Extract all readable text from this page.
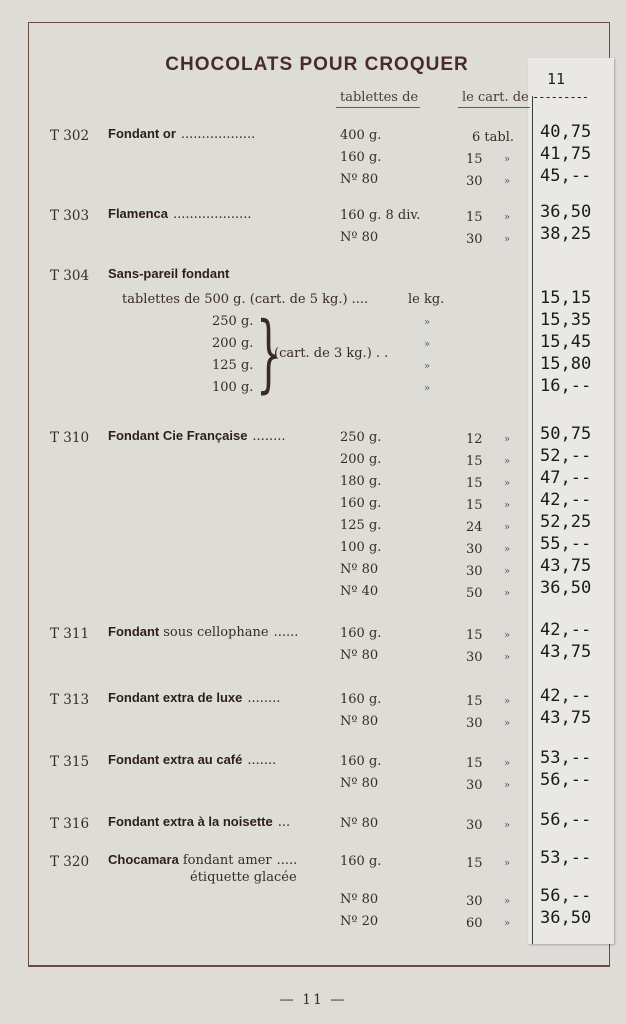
CHOCOLATS POUR CROQUER
11
tablettes de	le cart. de ---------
T 302 Fondant or ..................	400 g.	6 tabl. 40,75
160 g.	15 » 41,75
Nº 80	30 » 45,--
T 303 Flamenca ...................	160 g. 8 div.	15 » 36,50
Nº 80	30 » 38,25
T 304 Sans-pareil fondant
tablettes de 500 g. (cart. de 5 kg.) ....	le kg.	15,15
250 g.	»	15,35
200 g.	»	15,45
125 g.	»	15,80
100 g.	»	16,--
}
(cart. de 3 kg.) . .
T 310 Fondant Cie Française ........	250 g.	12 » 50,75
200 g.	15 » 52,--
180 g.	15 » 47,--
160 g.	15 » 42,--
125 g.	24 » 52,25
100 g.	30 » 55,--
Nº 80	30 » 43,75
Nº 40	50 » 36,50
T 311 Fondant sous cellophane ......	160 g.	15 » 42,--
Nº 80	30 » 43,75
T 313 Fondant extra de luxe ........	160 g.	15 » 42,--
Nº 80	30 » 43,75
T 315 Fondant extra au café .......	160 g.	15 » 53,--
Nº 80	30 » 56,--
T 316 Fondant extra à la noisette ...	Nº 80	30 » 56,--
T 320 Chocamara fondant amer .....	160 g.	15 » 53,--
Nº 80	30 » 56,--
Nº 20	60 » 36,50
étiquette glacée
— 11 —
